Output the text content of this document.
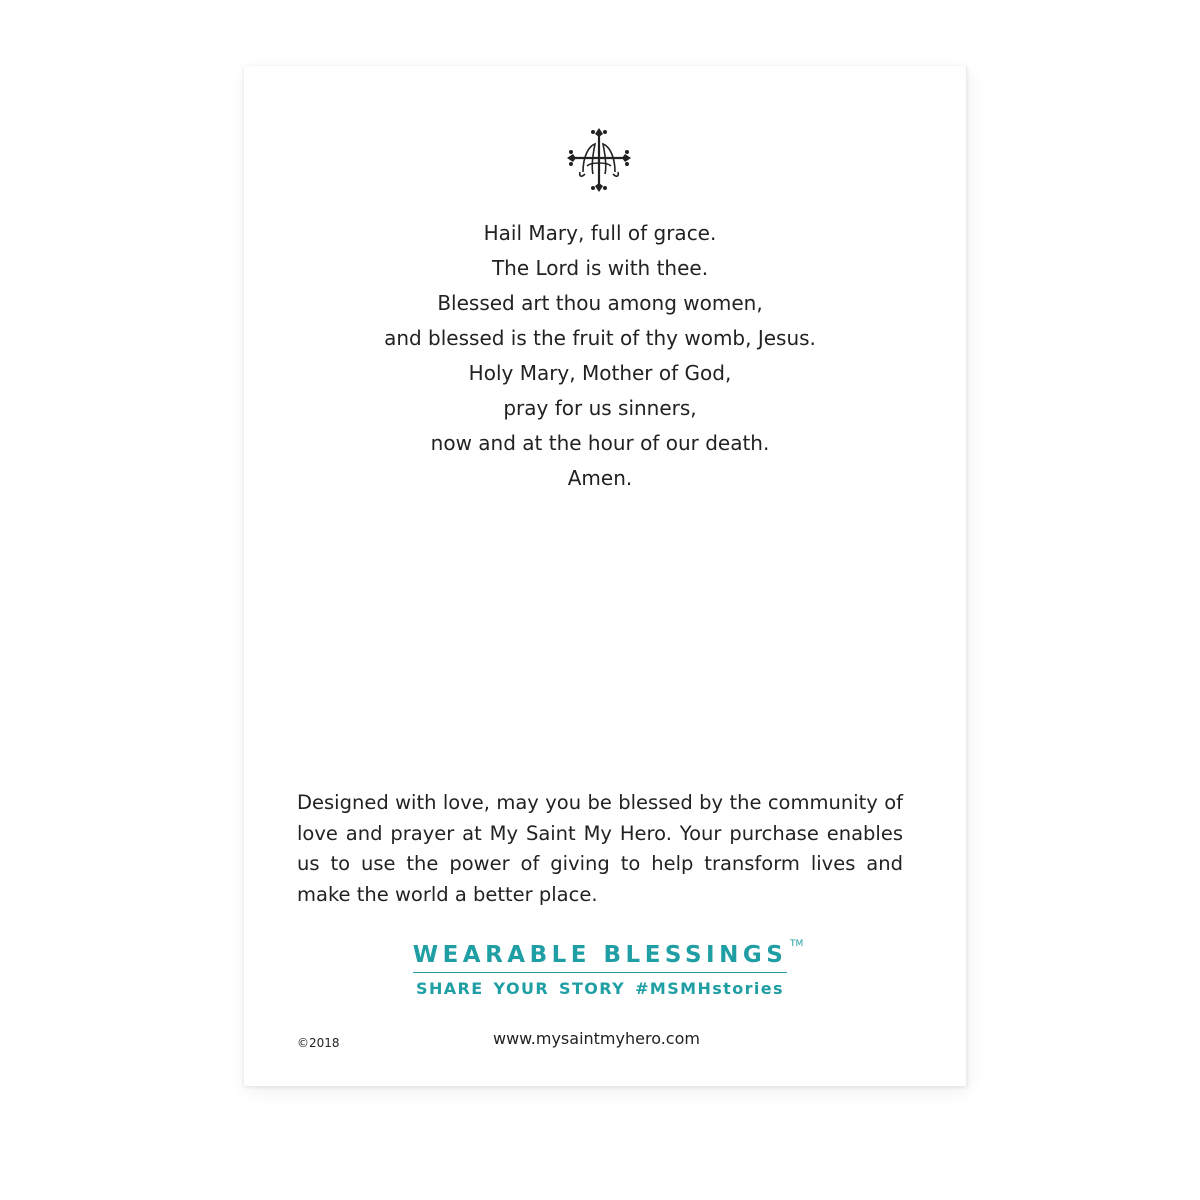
Hail Mary, full of grace.
The Lord is with thee.
Blessed art thou among women,
and blessed is the fruit of thy womb, Jesus.
Holy Mary, Mother of God,
pray for us sinners,
now and at the hour of our death.
Amen.
Designed with love, may you be blessed by the community of love and prayer at My Saint My Hero. Your purchase enables us to use the power of giving to help transform lives and make the world a better place.
WEARABLE BLESSINGS TM
SHARE YOUR STORY #MSMHstories
©2018	www.mysaintmyhero.com
